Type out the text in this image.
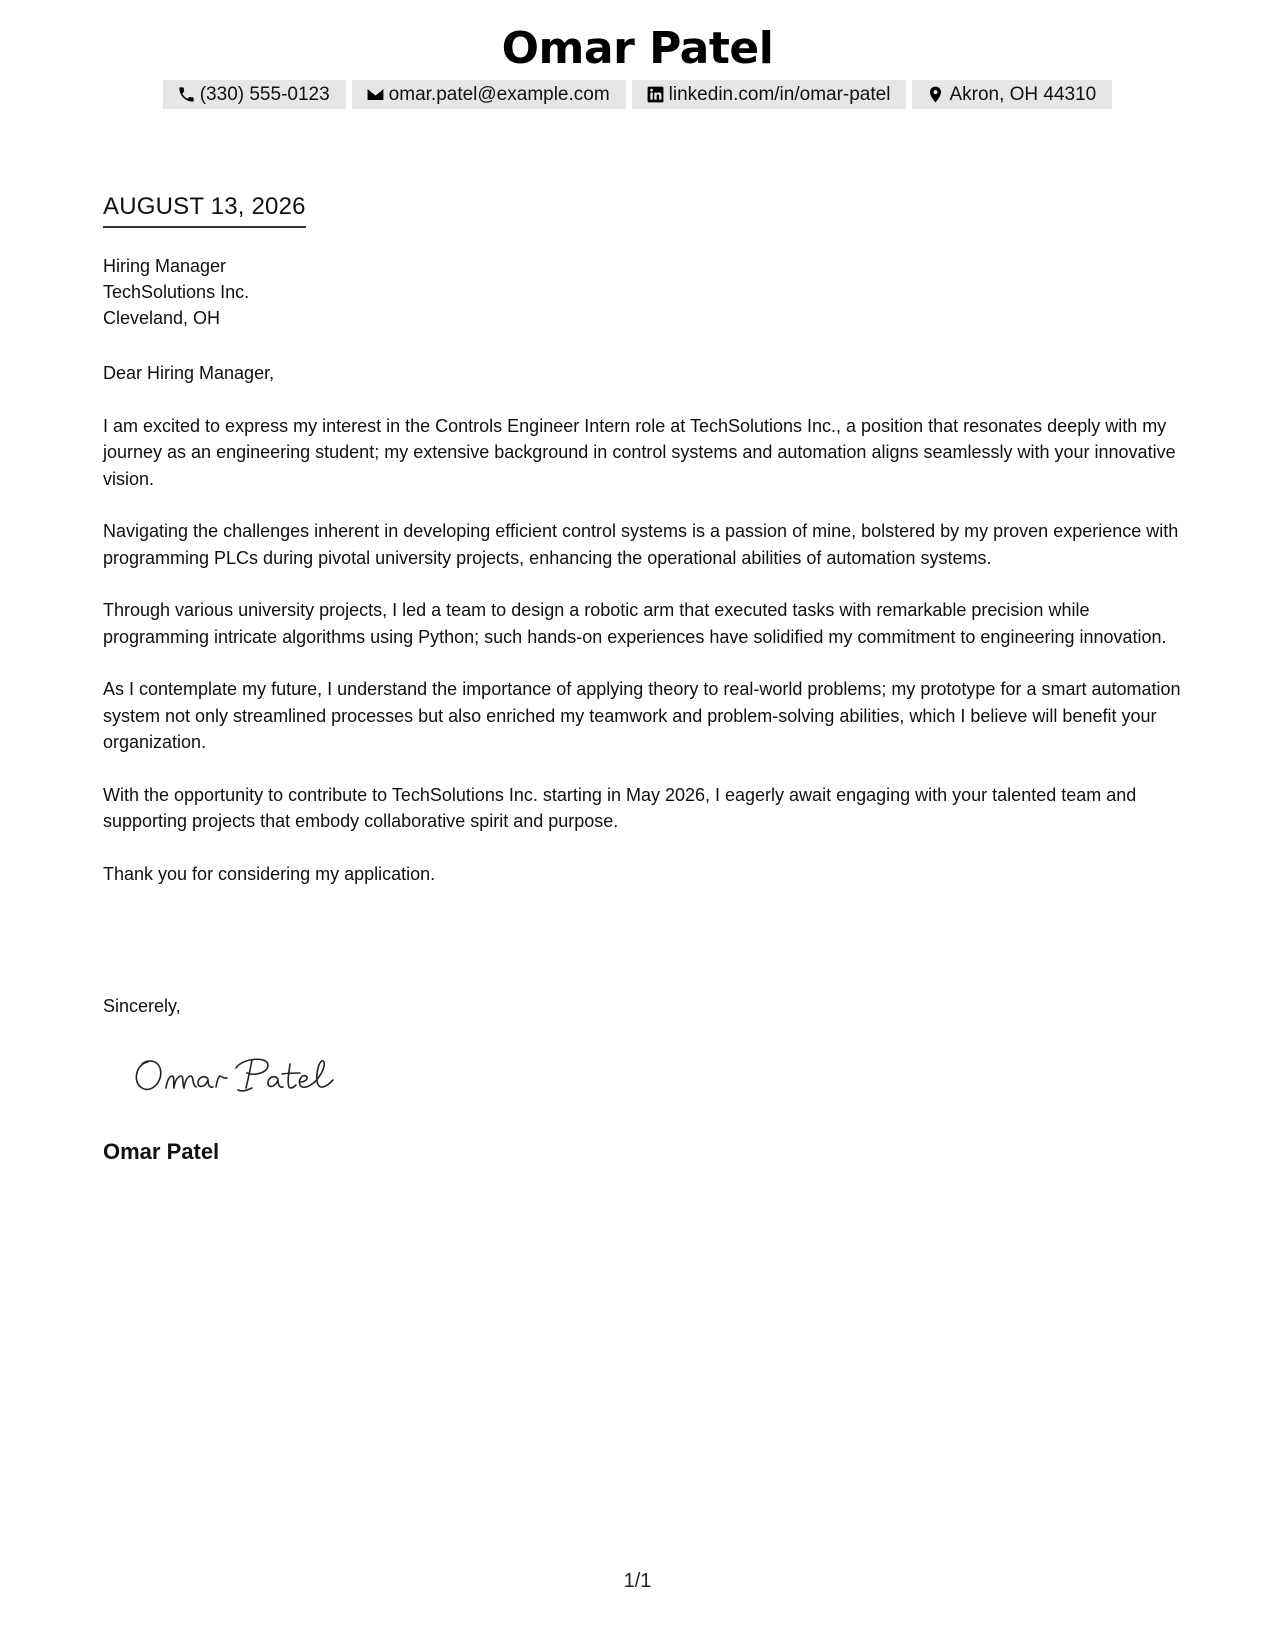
Omar Patel
(330) 555-0123	omar.patel@example.com	linkedin.com/in/omar-patel	Akron, OH 44310
AUGUST 13, 2026
Hiring Manager
TechSolutions Inc.
Cleveland, OH

Dear Hiring Manager,

I am excited to express my interest in the Controls Engineer Intern role at TechSolutions Inc., a position that resonates deeply with my journey as an engineering student; my extensive background in control systems and automation aligns seamlessly with your innovative vision.

Navigating the challenges inherent in developing efficient control systems is a passion of mine, bolstered by my proven experience with programming PLCs during pivotal university projects, enhancing the operational abilities of automation systems.

Through various university projects, I led a team to design a robotic arm that executed tasks with remarkable precision while programming intricate algorithms using Python; such hands-on experiences have solidified my commitment to engineering innovation.

As I contemplate my future, I understand the importance of applying theory to real-world problems; my prototype for a smart automation system not only streamlined processes but also enriched my teamwork and problem-solving abilities, which I believe will benefit your organization.

With the opportunity to contribute to TechSolutions Inc. starting in May 2026, I eagerly await engaging with your talented team and supporting projects that embody collaborative spirit and purpose.

Thank you for considering my application.

Sincerely,
Omar Patel
1/1
